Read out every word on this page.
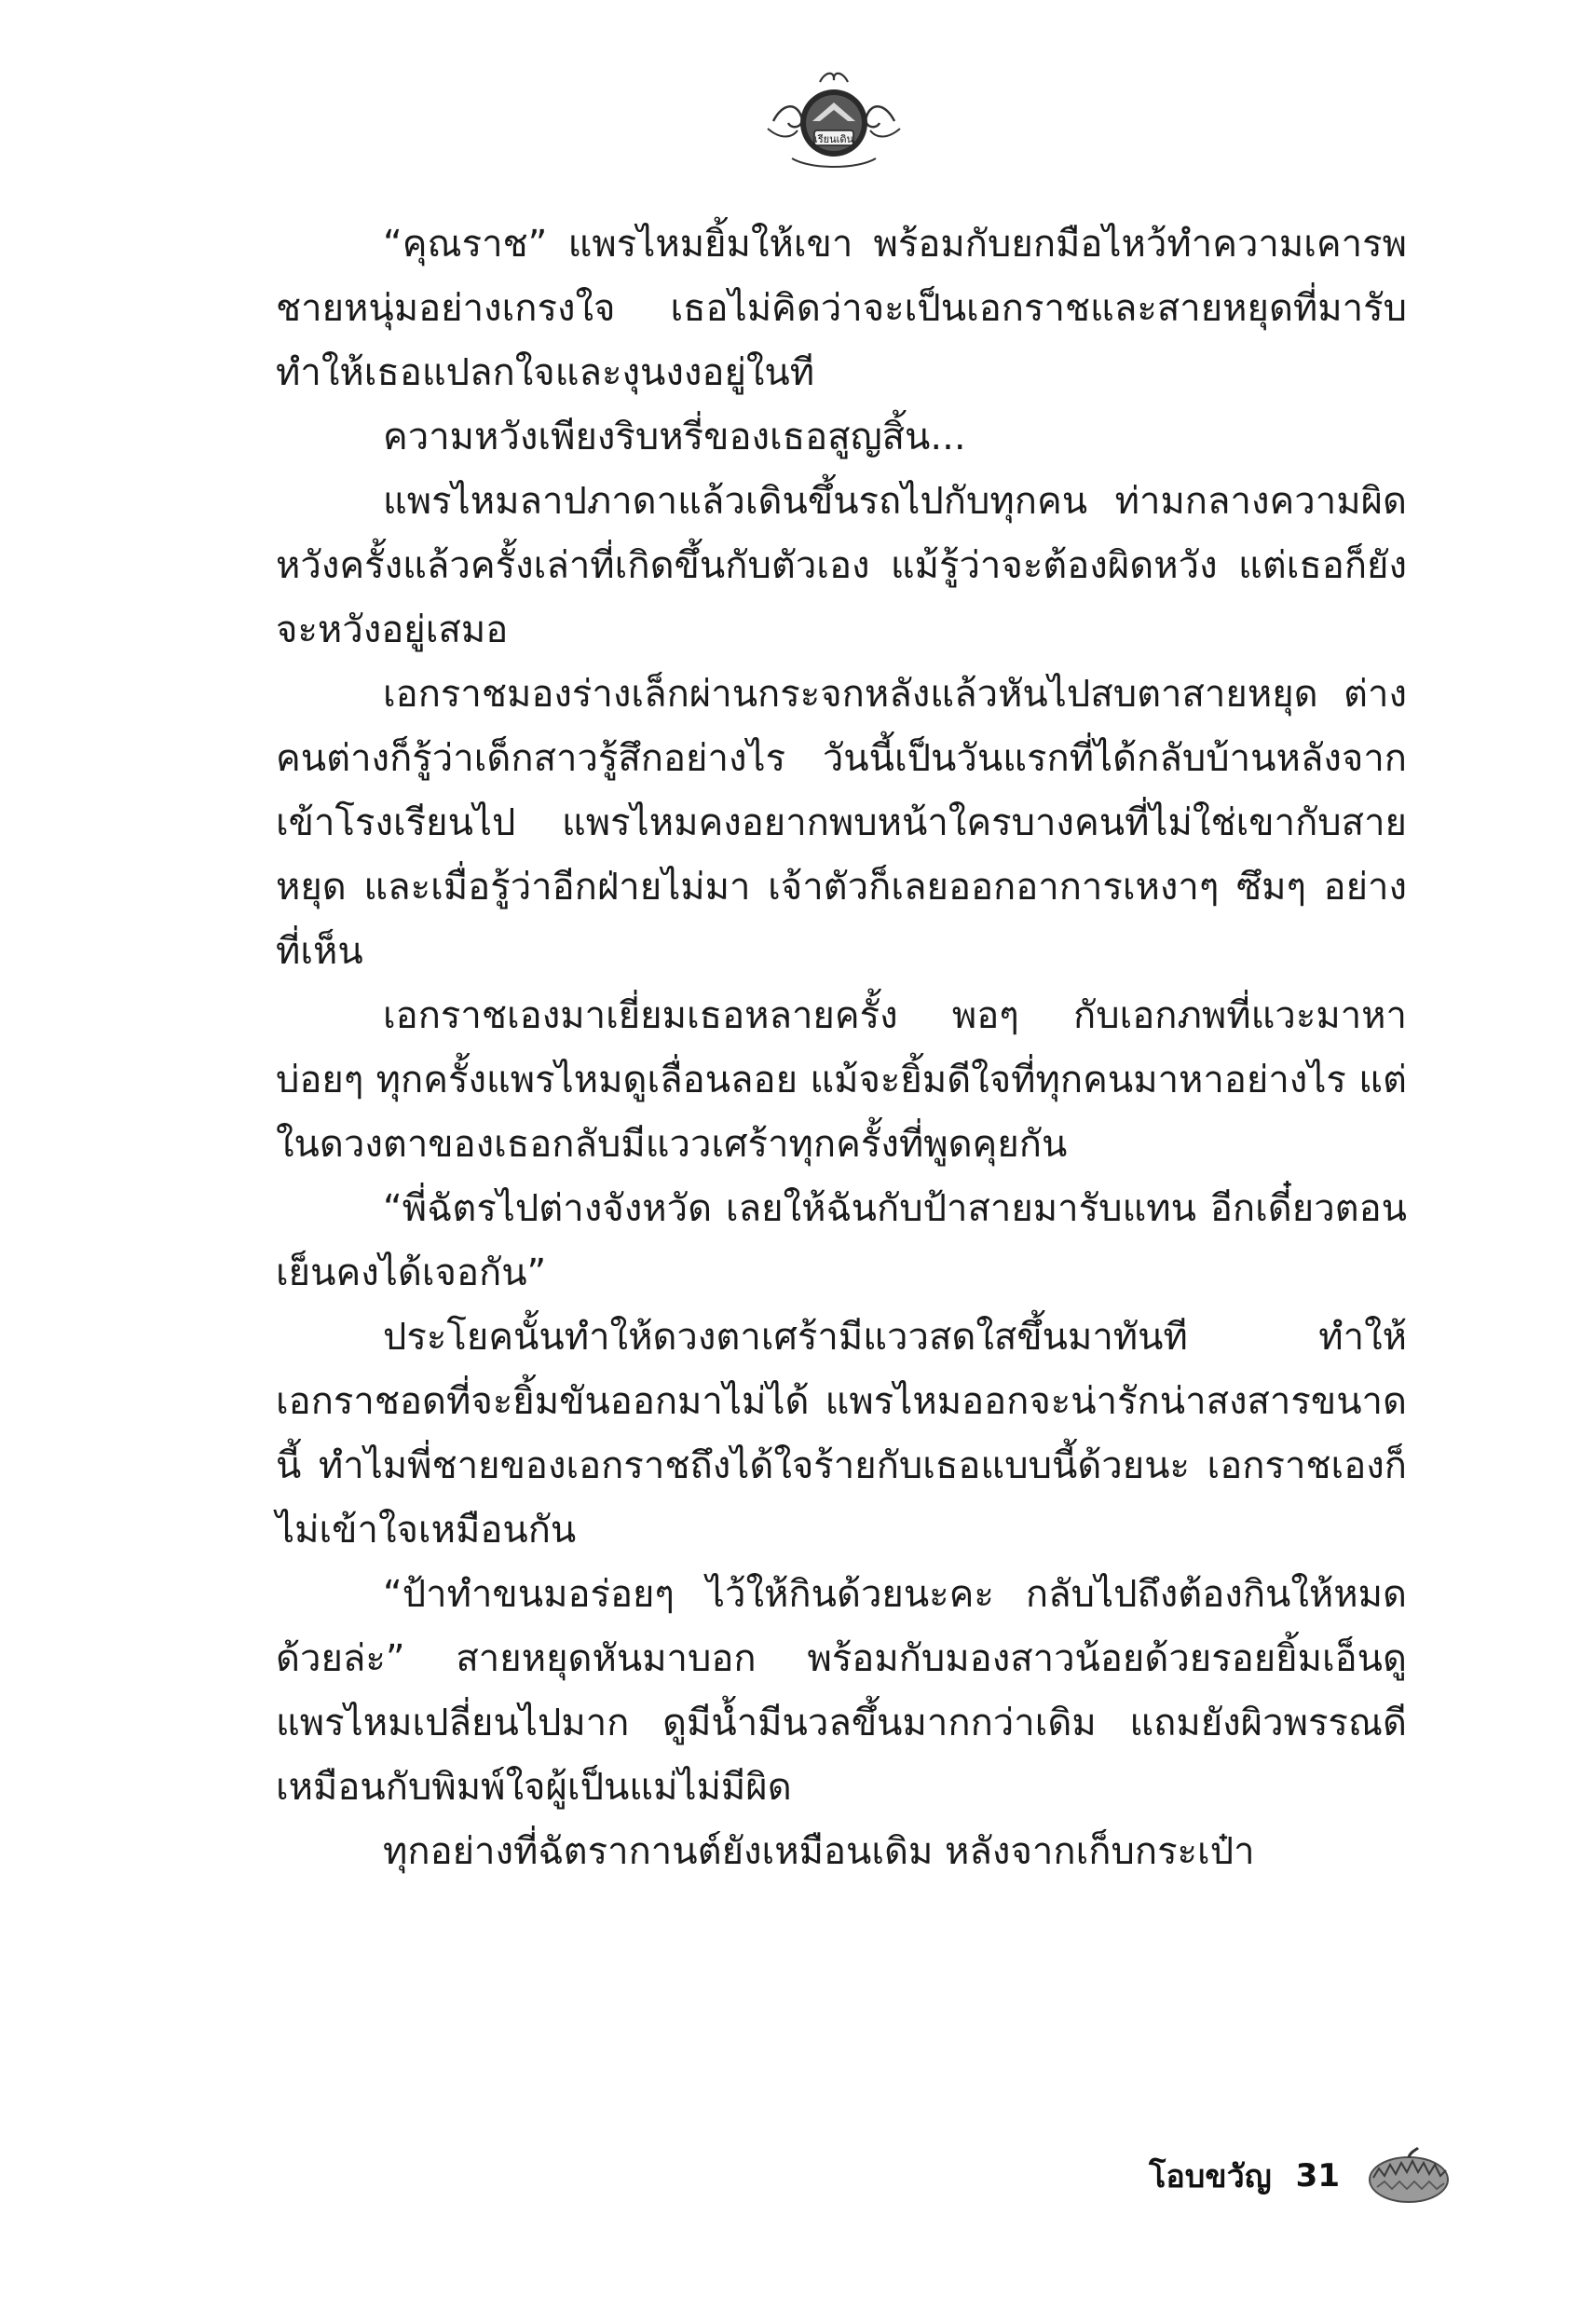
เรียนเดิน

“คุณราช” แพรไหมยิ้มให้เขา พร้อมกับยกมือไหว้ทำความเคารพชายหนุ่มอย่างเกรงใจ เธอไม่คิดว่าจะเป็นเอกราชและสายหยุดที่มารับ ทำให้เธอแปลกใจและงุนงงอยู่ในที

ความหวังเพียงริบหรี่ของเธอสูญสิ้น...

แพรไหมลาปภาดาแล้วเดินขึ้นรถไปกับทุกคน ท่ามกลางความผิดหวังครั้งแล้วครั้งเล่าที่เกิดขึ้นกับตัวเอง แม้รู้ว่าจะต้องผิดหวัง แต่เธอก็ยังจะหวังอยู่เสมอ

เอกราชมองร่างเล็กผ่านกระจกหลังแล้วหันไปสบตาสายหยุด ต่างคนต่างก็รู้ว่าเด็กสาวรู้สึกอย่างไร วันนี้เป็นวันแรกที่ได้กลับบ้านหลังจากเข้าโรงเรียนไป แพรไหมคงอยากพบหน้าใครบางคนที่ไม่ใช่เขากับสายหยุด และเมื่อรู้ว่าอีกฝ่ายไม่มา เจ้าตัวก็เลยออกอาการเหงาๆ ซึมๆ อย่างที่เห็น

เอกราชเองมาเยี่ยมเธอหลายครั้ง พอๆ กับเอกภพที่แวะมาหาบ่อยๆ ทุกครั้งแพรไหมดูเลื่อนลอย แม้จะยิ้มดีใจที่ทุกคนมาหาอย่างไร แต่ในดวงตาของเธอกลับมีแววเศร้าทุกครั้งที่พูดคุยกัน

“พี่ฉัตรไปต่างจังหวัด เลยให้ฉันกับป้าสายมารับแทน อีกเดี๋ยวตอนเย็นคงได้เจอกัน”

ประโยคนั้นทำให้ดวงตาเศร้ามีแววสดใสขึ้นมาทันที ทำให้เอกราชอดที่จะยิ้มขันออกมาไม่ได้ แพรไหมออกจะน่ารักน่าสงสารขนาดนี้ ทำไมพี่ชายของเอกราชถึงได้ใจร้ายกับเธอแบบนี้ด้วยนะ เอกราชเองก็ไม่เข้าใจเหมือนกัน

“ป้าทำขนมอร่อยๆ ไว้ให้กินด้วยนะคะ กลับไปถึงต้องกินให้หมดด้วยล่ะ” สายหยุดหันมาบอก พร้อมกับมองสาวน้อยด้วยรอยยิ้มเอ็นดู แพรไหมเปลี่ยนไปมาก ดูมีน้ำมีนวลขึ้นมากกว่าเดิม แถมยังผิวพรรณดีเหมือนกับพิมพ์ใจผู้เป็นแม่ไม่มีผิด

ทุกอย่างที่ฉัตรากานต์ยังเหมือนเดิม หลังจากเก็บกระเป๋า

โอบขวัญ 31
